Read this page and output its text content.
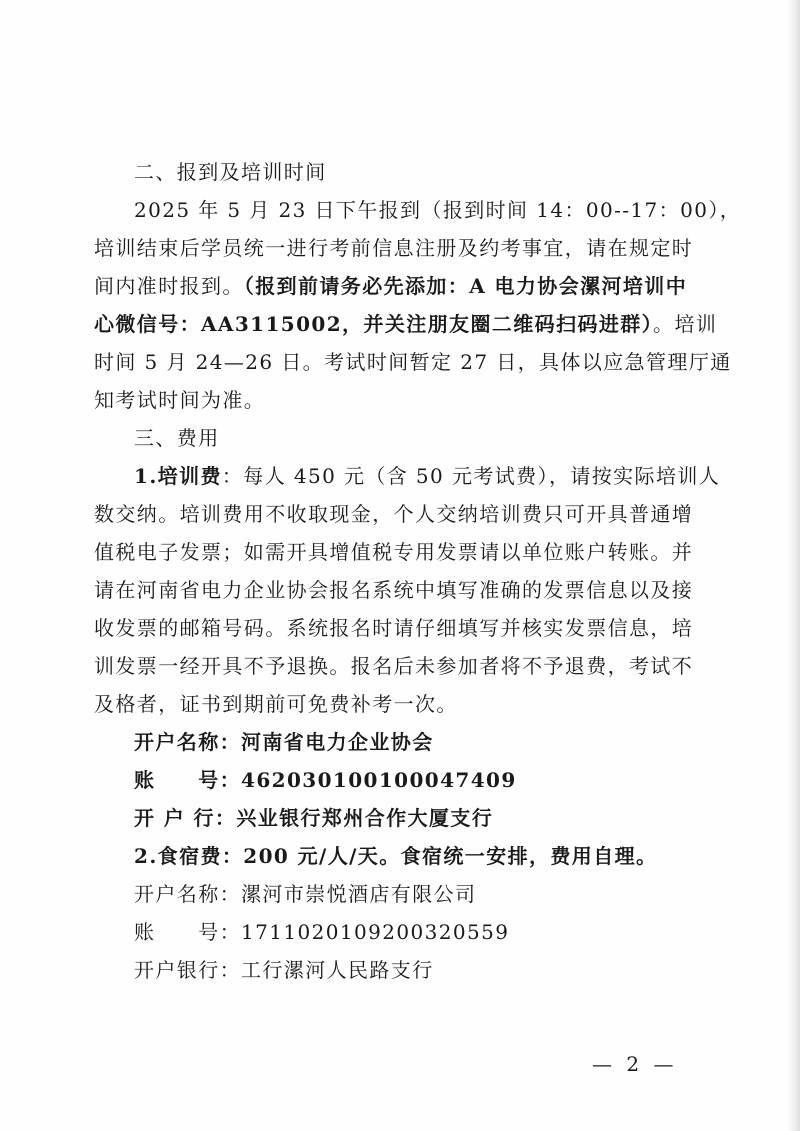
二、报到及培训时间
2025 年 5 月 23 日下午报到（报到时间 14：00--17：00），
培训结束后学员统一进行考前信息注册及约考事宜，请在规定时
间内准时报到。（报到前请务必先添加：A 电力协会漯河培训中
心微信号：AA3115002，并关注朋友圈二维码扫码进群）。培训
时间 5 月 24—26 日。考试时间暂定 27 日，具体以应急管理厅通
知考试时间为准。
三、费用
1.培训费：每人 450 元（含 50 元考试费），请按实际培训人
数交纳。培训费用不收取现金，个人交纳培训费只可开具普通增
值税电子发票；如需开具增值税专用发票请以单位账户转账。并
请在河南省电力企业协会报名系统中填写准确的发票信息以及接
收发票的邮箱号码。系统报名时请仔细填写并核实发票信息，培
训发票一经开具不予退换。报名后未参加者将不予退费，考试不
及格者，证书到期前可免费补考一次。
开户名称：河南省电力企业协会
账　　号：462030100100047409
开 户 行：兴业银行郑州合作大厦支行
2.食宿费：200 元/人/天。食宿统一安排，费用自理。
开户名称：漯河市崇悦酒店有限公司
账　　号：1711020109200320559
开户银行：工行漯河人民路支行
— 2 —
